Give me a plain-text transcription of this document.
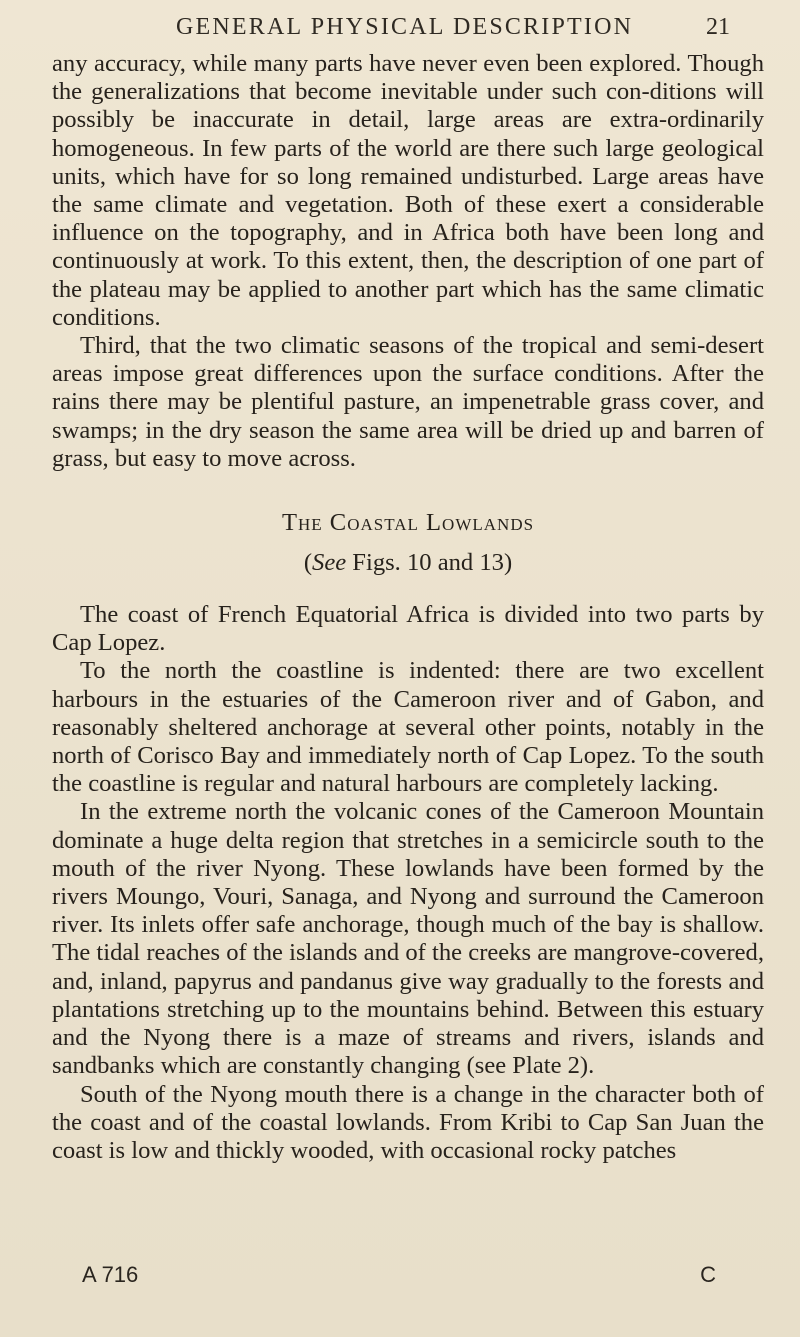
GENERAL PHYSICAL DESCRIPTION	21

any accuracy, while many parts have never even been explored. Though the generalizations that become inevitable under such con-ditions will possibly be inaccurate in detail, large areas are extra-ordinarily homogeneous. In few parts of the world are there such large geological units, which have for so long remained undisturbed. Large areas have the same climate and vegetation. Both of these exert a considerable influence on the topography, and in Africa both have been long and continuously at work. To this extent, then, the description of one part of the plateau may be applied to another part which has the same climatic conditions.

Third, that the two climatic seasons of the tropical and semi-desert areas impose great differences upon the surface conditions. After the rains there may be plentiful pasture, an impenetrable grass cover, and swamps; in the dry season the same area will be dried up and barren of grass, but easy to move across.

The Coastal Lowlands
(See Figs. 10 and 13)

The coast of French Equatorial Africa is divided into two parts by Cap Lopez.

To the north the coastline is indented: there are two excellent harbours in the estuaries of the Cameroon river and of Gabon, and reasonably sheltered anchorage at several other points, notably in the north of Corisco Bay and immediately north of Cap Lopez. To the south the coastline is regular and natural harbours are completely lacking.

In the extreme north the volcanic cones of the Cameroon Mountain dominate a huge delta region that stretches in a semicircle south to the mouth of the river Nyong. These lowlands have been formed by the rivers Moungo, Vouri, Sanaga, and Nyong and surround the Cameroon river. Its inlets offer safe anchorage, though much of the bay is shallow. The tidal reaches of the islands and of the creeks are mangrove-covered, and, inland, papyrus and pandanus give way gradually to the forests and plantations stretching up to the mountains behind. Between this estuary and the Nyong there is a maze of streams and rivers, islands and sandbanks which are constantly changing (see Plate 2).

South of the Nyong mouth there is a change in the character both of the coast and of the coastal lowlands. From Kribi to Cap San Juan the coast is low and thickly wooded, with occasional rocky patches

A 716	C
